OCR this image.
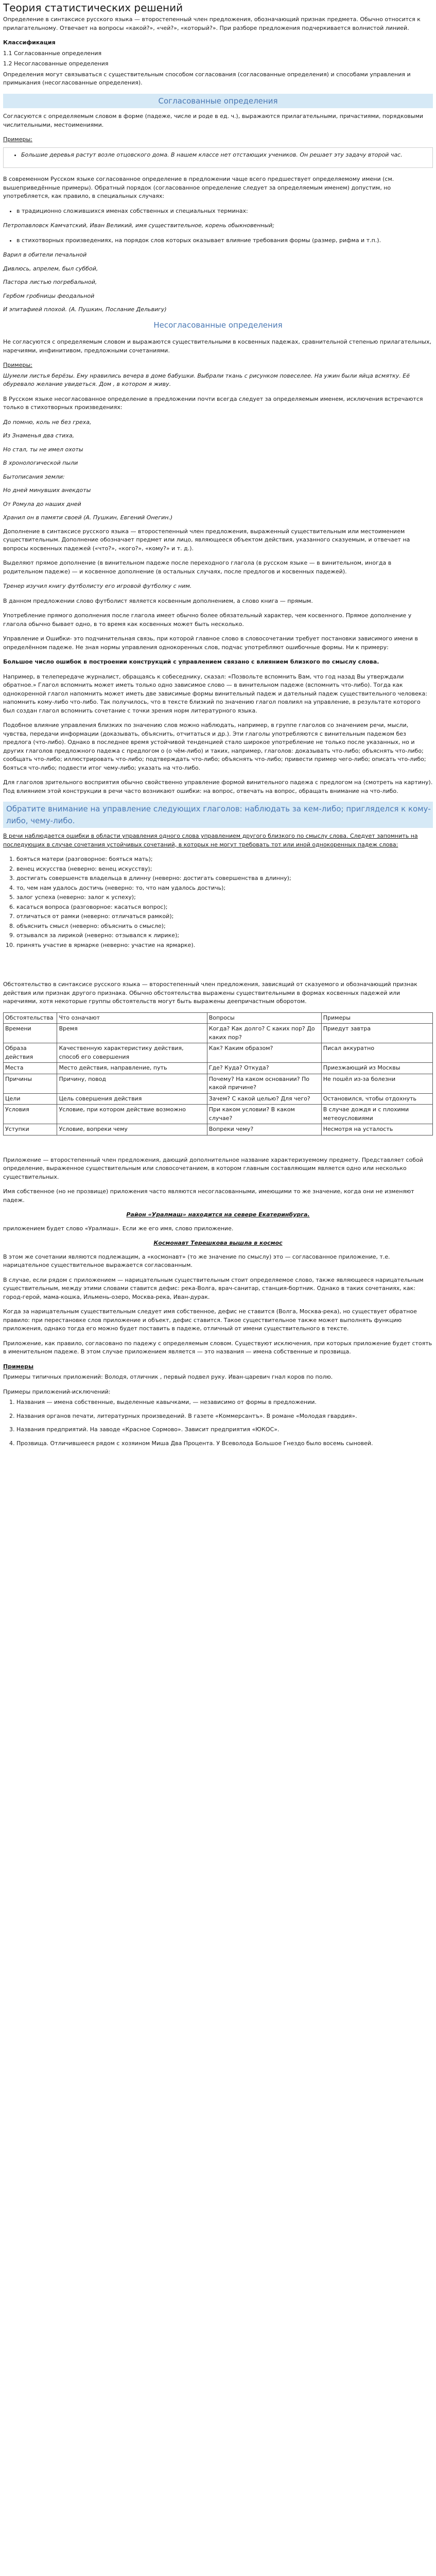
Теория статистических решений

Определение в синтаксисе русского языка — второстепенный член предложения, обозначающий признак предмета. Обычно относится к прилагательному. Отвечает на вопросы «какой?», «чей?», «который?». При разборе предложения подчеркивается волнистой линией.

Классификация

1.1 Согласованные определения

1.2 Несогласованные определения

Определения могут связываться с существительным способом согласования (согласованные определения) и способами управления и примыкания (несогласованные определения).

Согласованные определения

Согласуются с определяемым словом в форме (падеже, числе и роде в ед. ч.), выражаются прилагательными, причастиями, порядковыми числительными, местоимениями.

Примеры:

• Большие деревья растут возле отцовского дома. В нашем классе нет отстающих учеников. Он решает эту задачу второй час.

В современном Русском языке согласованное определение в предложении чаще всего предшествует определяемому имени (см. вышеприведённые примеры). Обратный порядок (согласованное определение следует за определяемым именем) допустим, но употребляется, как правило, в специальных случаях:

• в традиционно сложившихся именах собственных и специальных терминах:

Петропавловск Камчатский, Иван Великий, имя существительное, корень обыкновенный;

• в стихотворных произведениях, на порядок слов которых оказывает влияние требования формы (размер, рифма и т.п.).

Варил в обители печальной

Дивлюсь, апрелем, был суббой,

Пастора листью погребальной,

Гербом гробницы феодальной

И эпитафией плохой. (А. Пушкин, Послание Дельвигу)

Несогласованные определения

Не согласуются с определяемым словом и выражаются существительными в косвенных падежах, сравнительной степенью прилагательных, наречиями, инфинитивом, предложными сочетаниями.

Примеры:

Шумели листья берёзы. Ему нравились вечера в доме бабушки. Выбрали ткань с рисунком повеселее. На ужин были яйца всмятку. Её обуревало желание увидеться. Дом , в котором я живу.

В Русском языке несогласованное определение в предложении почти всегда следует за определяемым именем, исключения встречаются только в стихотворных произведениях:

До помню, коль не без греха,

Из Знаменья два стиха,

Но стал, ты не имел охоты

В хронологической пыли

Бытописания земли:

Но дней минувших анекдоты

От Ромула до наших дней

Хранил он в памяти своей (А. Пушкин, Евгений Онегин.)

Дополнение в синтаксисе русского языка — второстепенный член предложения, выраженный существительным или местоимением существительным. Дополнение обозначает предмет или лицо, являющееся объектом действия, указанного сказуемым, и отвечает на вопросы косвенных падежей («что?», «кого?», «кому?» и т. д.).

Выделяют прямое дополнение (в винительном падеже после переходного глагола (в русском языке — в винительном, иногда в родительном падеже) — и косвенное дополнение (в остальных случаях, после предлогов и косвенных падежей).

Тренер изучил книгу футболисту его игровой футболку с ним.

В данном предложении слово футболист является косвенным дополнением, а слово книга — прямым.

Употребление прямого дополнения после глагола имеет обычно более обязательный характер, чем косвенного. Прямое дополнение у глагола обычно бывает одно, в то время как косвенных может быть несколько.

Управление и Ошибки- это подчинительная связь, при которой главное слово в словосочетании требует постановки зависимого имени в определённом падеже. Не зная нормы управления однокоренных слов, подчас употребляют ошибочные формы. Ни к примеру:

Большое число ошибок в построении конструкций с управлением связано с влиянием близкого по смыслу слова.

Например, в телепередаче журналист, обращаясь к собеседнику, сказал: «Позвольте вспомнить Вам, что год назад Вы утверждали обратное.» Глагол вспомнить может иметь только одно зависимое слово — в винительном падеже (вспомнить что-либо). Тогда как однокоренной глагол напомнить может иметь две зависимые формы винительный падеж и дательный падеж существительного человека: напомнить кому-либо что-либо. Так получилось, что в тексте близкий по значению глагол повлиял на управление, в результате которого был создан глагол вспомнить сочетание с точки зрения норм литературного языка.

Подобное влияние управления близких по значению слов можно наблюдать, например, в группе глаголов со значением речи, мысли, чувства, передачи информации (доказывать, объяснить, отчитаться и др.). Эти глаголы употребляются с винительным падежом без предлога (что-либо). Однако в последнее время устойчивой тенденцией стало широкое употребление не только после указанных, но и других глаголов предложного падежа с предлогом о (о чём-либо) и таких, например, глаголов: доказывать что-либо; объяснять что-либо; сообщать что-либо; иллюстрировать что-либо; подтверждать что-либо; объяснять что-либо; привести пример чего-либо; описать что-либо; бояться что-либо; подвести итог чему-либо; указать на что-либо.

Для глаголов зрительного восприятия обычно свойственно управление формой винительного падежа с предлогом на (смотреть на картину). Под влиянием этой конструкции в речи часто возникают ошибки: на вопрос, отвечать на вопрос, обращать внимание на что-либо.

Обратите внимание на управление следующих глаголов: наблюдать за кем-либо; пригляделся к кому-либо, чему-либо.

В речи наблюдается ошибки в области управления одного слова управлением другого близкого по смыслу слова. Следует запомнить на последующих в случае сочетания устойчивых сочетаний, в которых не могут требовать тот или иной однокоренных падеж слова:

1. бояться матери (разговорное: бояться мать);
2. венец искусства (неверно: венец искусству);
3. достигать совершенств владельца в длинну (неверно: достигать совершенства в длинну);
4. то, чем нам удалось достичь (неверно: то, что нам удалось достичь);
5. залог успеха (неверно: залог к успеху);
6. касаться вопроса (разговорное: касаться вопрос);
7. отличаться от рамки (неверно: отличаться рамкой);
8. объяснить смысл (неверно: объяснить о смысле);
9. отзывался за лирикой (неверно: отзывался к лирике);
10. принять участие в ярмарке (неверно: участие на ярмарке).

Обстоятельство в синтаксисе русского языка — второстепенный член предложения, зависящий от сказуемого и обозначающий признак действия или признак другого признака. Обычно обстоятельства выражены существительными в формах косвенных падежей или наречиями, хотя некоторые группы обстоятельств могут быть выражены деепричастным оборотом.

Обстоятельства	Что означают	Вопросы	Примеры
Времени	Время	Когда? Как долго? С каких пор? До каких пор?	Приедут завтра
Образа действия	Качественную характеристику действия, способ его совершения	Как? Каким образом?	Писал аккуратно
Места	Место действия, направление, путь	Где? Куда? Откуда?	Приезжающий из Москвы
Причины	Причину, повод	Почему? На каком основании? По какой причине?	Не пошёл из-за болезни
Цели	Цель совершения действия	Зачем? С какой целью? Для чего?	Остановился, чтобы отдохнуть
Условия	Условие, при котором действие возможно	При каком условии? В каком случае?	В случае дождя и с плохими метеоусловиями
Уступки	Условие, вопреки чему	Вопреки чему?	Несмотря на усталость

Приложение — второстепенный член предложения, дающий дополнительное название характеризуемому предмету. Представляет собой определение, выраженное существительным или словосочетанием, в котором главным составляющим является одно или несколько существительных.

Имя собственное (но не прозвище) приложения часто являются несогласованными, имеющими то же значение, когда они не изменяют падеж.

Район «Уралмаш» находится на севере Екатеринбурга.

приложением будет слово «Уралмаш». Если же его имя, слово приложение.

Космонавт Терешкова вышла в космос

В этом же сочетании являются подлежащим, а «космонавт» (то же значение по смыслу) это — согласованное приложение, т.е. нарицательное существительное выражается согласованным.

В случае, если рядом с приложением — нарицательным существительным стоит определяемое слово, также являющееся нарицательным существительным, между этими словами ставится дефис: река-Волга, врач-санитар, станция-бортник. Однако в таких сочетаниях, как: город-герой, мама-кошка, Ильмень-озеро, Москва-река, Иван-дурак.

Когда за нарицательным существительным следует имя собственное, дефис не ставится (Волга, Москва-река), но существует обратное правило: при перестановке слов приложение и объект, дефис ставится. Такое существительное также может выполнять функцию приложения, однако тогда его можно будет поставить в падеже, отличный от имени существительного в тексте.

Приложение, как правило, согласовано по падежу с определяемым словом. Существуют исключения, при которых приложение будет стоять в именительном падеже. В этом случае приложением является — это названия — имена собственные и прозвища.

Примеры

Примеры типичных приложений: Володя, отличник , первый подвел руку. Иван-царевич гнал коров по полю.

Примеры приложений-исключений:

1. Названия — имена собственные, выделенные кавычками, — независимо от формы в предложении.
2. Названия органов печати, литературных произведений. В газете «Коммерсантъ». В романе «Молодая гвардия».
3. Названия предприятий. На заводе «Красное Сормово». Зависит предприятия «ЮКОС».
4. Прозвища. Отличившееся рядом с хозяином Миша Два Процента. У Всеволода Большое Гнездо было восемь сыновей.
